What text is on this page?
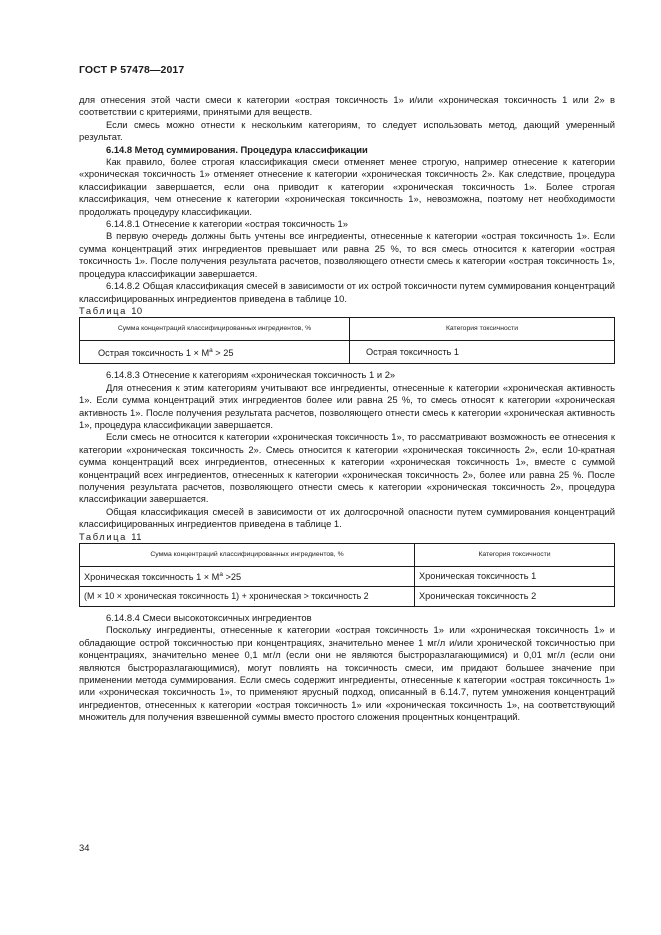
ГОСТ Р 57478—2017

для отнесения этой части смеси к категории «острая токсичность 1» и/или «хроническая токсичность 1 или 2» в соответствии с критериями, принятыми для веществ.

Если смесь можно отнести к нескольким категориям, то следует использовать метод, дающий умеренный результат.

6.14.8 Метод суммирования. Процедура классификации

Как правило, более строгая классификация смеси отменяет менее строгую, например отнесение к категории «хроническая токсичность 1» отменяет отнесение к категории «хроническая токсичность 2». Как следствие, процедура классификации завершается, если она приводит к категории «хроническая токсичность 1». Более строгая классификация, чем отнесение к категории «хроническая токсичность 1», невозможна, поэтому нет необходимости продолжать процедуру классификации.

6.14.8.1 Отнесение к категории «острая токсичность 1»

В первую очередь должны быть учтены все ингредиенты, отнесенные к категории «острая токсичность 1». Если сумма концентраций этих ингредиентов превышает или равна 25 %, то вся смесь относится к категории «острая токсичность 1». После получения результата расчетов, позволяющего отнести смесь к категории «острая токсичность 1», процедура классификации завершается.

6.14.8.2 Общая классификация смесей в зависимости от их острой токсичности путем суммирования концентраций классифицированных ингредиентов приведена в таблице 10.

Таблица 10

Сумма концентраций классифицированных ингредиентов, %	Категория токсичности
Острая токсичность $1 \times M^a > 25$	Острая токсичность 1

6.14.8.3 Отнесение к категориям «хроническая токсичность 1 и 2»

Для отнесения к этим категориям учитывают все ингредиенты, отнесенные к категории «хроническая активность 1». Если сумма концентраций этих ингредиентов более или равна 25 %, то смесь относят к категории «хроническая активность 1». После получения результата расчетов, позволяющего отнести смесь к категории «хроническая активность 1», процедура классификации завершается.

Если смесь не относится к категории «хроническая токсичность 1», то рассматривают возможность ее отнесения к категории «хроническая токсичность 2». Смесь относится к категории «хроническая токсичность 2», если 10-кратная сумма концентраций всех ингредиентов, отнесенных к категории «хроническая токсичность 1», вместе с суммой концентраций всех ингредиентов, отнесенных к категории «хроническая токсичность 2», более или равна 25 %. После получения результата расчетов, позволяющего отнести смесь к категории «хроническая токсичность 2», процедура классификации завершается.

Общая классификация смесей в зависимости от их долгосрочной опасности путем суммирования концентраций классифицированных ингредиентов приведена в таблице 1.

Таблица 11

Сумма концентраций классифицированных ингредиентов, %	Категория токсичности
Хроническая токсичность $1 \times M^a >25$	Хроническая токсичность 1
(M × 10 × хроническая токсичность 1) + хроническая > токсичность 2	Хроническая токсичность 2

6.14.8.4 Смеси высокотоксичных ингредиентов

Поскольку ингредиенты, отнесенные к категории «острая токсичность 1» или «хроническая токсичность 1» и обладающие острой токсичностью при концентрациях, значительно менее 1 мг/л и/или хронической токсичностью при концентрациях, значительно менее 0,1 мг/л (если они не являются быстроразлагающимися) и 0,01 мг/л (если они являются быстроразлагающимися), могут повлиять на токсичность смеси, им придают большее значение при применении метода суммирования. Если смесь содержит ингредиенты, отнесенные к категории «острая токсичность 1» или «хроническая токсичность 1», то применяют ярусный подход, описанный в 6.14.7, путем умножения концентраций ингредиентов, отнесенных к категории «острая токсичность 1» или «хроническая токсичность 1», на соответствующий множитель для получения взвешенной суммы вместо простого сложения процентных концентраций.

34
